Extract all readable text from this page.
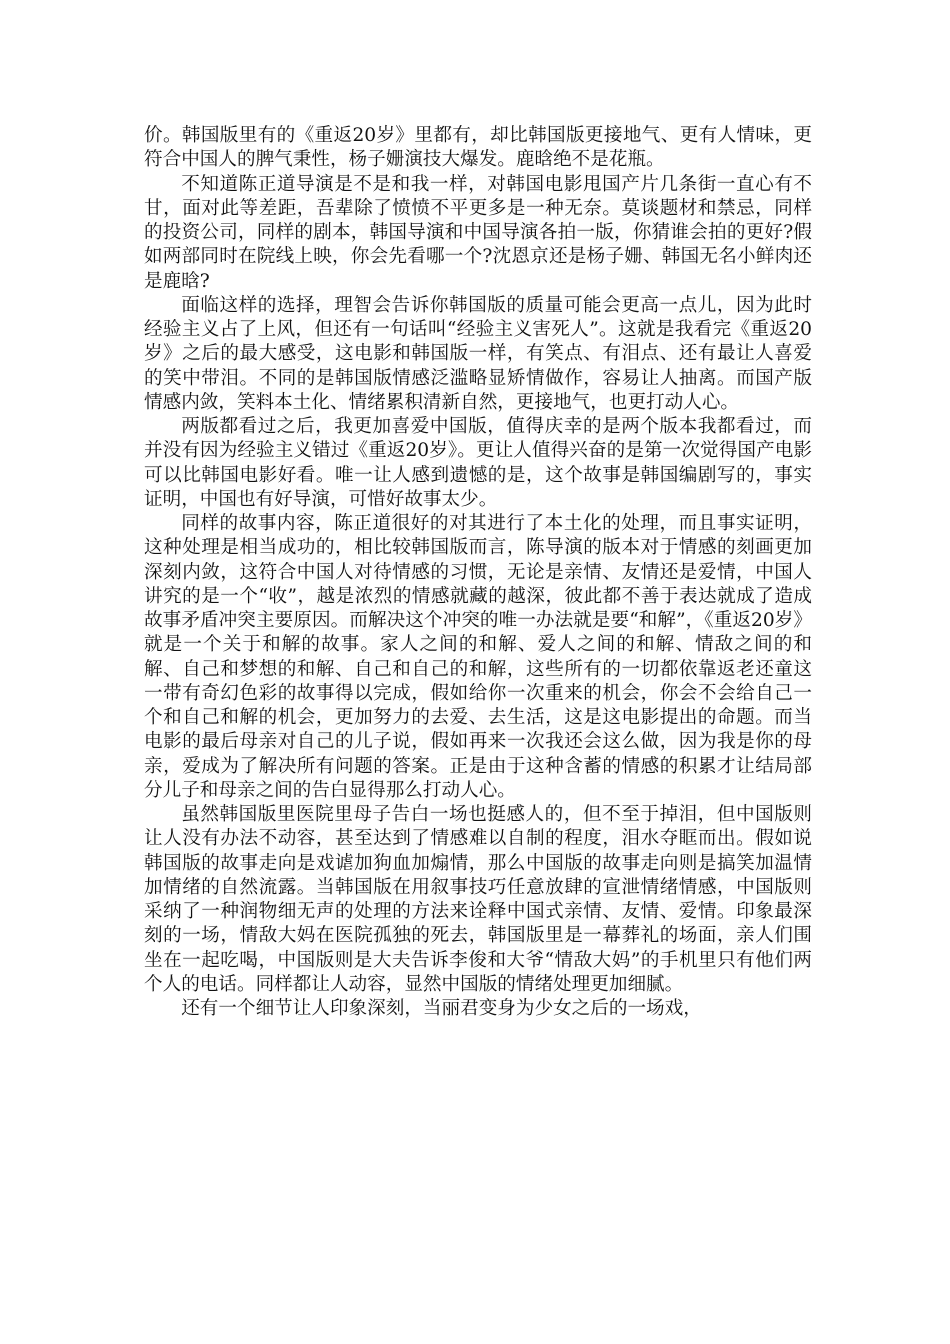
价。韩国版里有的《重返20岁》里都有，却比韩国版更接地气、更有人情味，更符合中国人的脾气秉性，杨子姗演技大爆发。鹿晗绝不是花瓶。

不知道陈正道导演是不是和我一样，对韩国电影甩国产片几条街一直心有不甘，面对此等差距，吾辈除了愤愤不平更多是一种无奈。莫谈题材和禁忌，同样的投资公司，同样的剧本，韩国导演和中国导演各拍一版，你猜谁会拍的更好?假如两部同时在院线上映，你会先看哪一个?沈恩京还是杨子姗、韩国无名小鲜肉还是鹿晗?

面临这样的选择，理智会告诉你韩国版的质量可能会更高一点儿，因为此时经验主义占了上风，但还有一句话叫“经验主义害死人”。这就是我看完《重返20岁》之后的最大感受，这电影和韩国版一样，有笑点、有泪点、还有最让人喜爱的笑中带泪。不同的是韩国版情感泛滥略显矫情做作，容易让人抽离。而国产版情感内敛，笑料本土化、情绪累积清新自然，更接地气，也更打动人心。

两版都看过之后，我更加喜爱中国版，值得庆幸的是两个版本我都看过，而并没有因为经验主义错过《重返20岁》。更让人值得兴奋的是第一次觉得国产电影可以比韩国电影好看。唯一让人感到遗憾的是，这个故事是韩国编剧写的，事实证明，中国也有好导演，可惜好故事太少。

同样的故事内容，陈正道很好的对其进行了本土化的处理，而且事实证明，这种处理是相当成功的，相比较韩国版而言，陈导演的版本对于情感的刻画更加深刻内敛，这符合中国人对待情感的习惯，无论是亲情、友情还是爱情，中国人讲究的是一个“收”，越是浓烈的情感就藏的越深，彼此都不善于表达就成了造成故事矛盾冲突主要原因。而解决这个冲突的唯一办法就是要“和解”，《重返20岁》就是一个关于和解的故事。家人之间的和解、爱人之间的和解、情敌之间的和解、自己和梦想的和解、自己和自己的和解，这些所有的一切都依靠返老还童这一带有奇幻色彩的故事得以完成，假如给你一次重来的机会，你会不会给自己一个和自己和解的机会，更加努力的去爱、去生活，这是这电影提出的命题。而当电影的最后母亲对自己的儿子说，假如再来一次我还会这么做，因为我是你的母亲，爱成为了解决所有问题的答案。正是由于这种含蓄的情感的积累才让结局部分儿子和母亲之间的告白显得那么打动人心。

虽然韩国版里医院里母子告白一场也挺感人的，但不至于掉泪，但中国版则让人没有办法不动容，甚至达到了情感难以自制的程度，泪水夺眶而出。假如说韩国版的故事走向是戏谑加狗血加煽情，那么中国版的故事走向则是搞笑加温情加情绪的自然流露。当韩国版在用叙事技巧任意放肆的宣泄情绪情感，中国版则采纳了一种润物细无声的处理的方法来诠释中国式亲情、友情、爱情。印象最深刻的一场，情敌大妈在医院孤独的死去，韩国版里是一幕葬礼的场面，亲人们围坐在一起吃喝，中国版则是大夫告诉李俊和大爷“情敌大妈”的手机里只有他们两个人的电话。同样都让人动容，显然中国版的情绪处理更加细腻。

还有一个细节让人印象深刻，当丽君变身为少女之后的一场戏，
